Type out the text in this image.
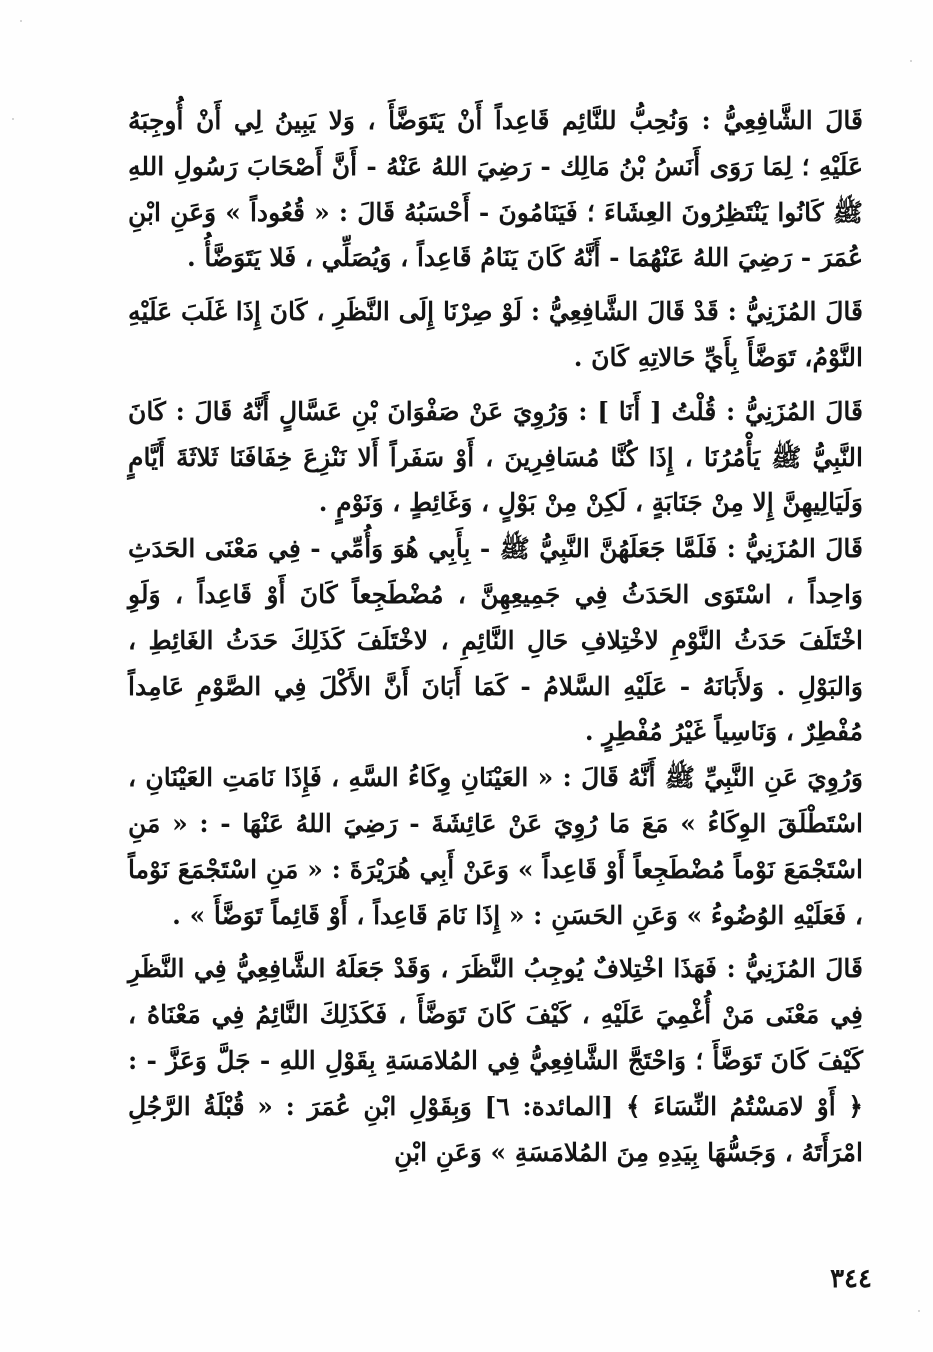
قَالَ الشَّافِعِيُّ : وَنُحِبُّ للنَّائِم قَاعِداً أَنْ يَتَوَضَّأَ ، وَلا يَبِينُ لِي أَنْ أُوجِبَهُ عَلَيْهِ ؛ لِمَا رَوَى أَنَسُ بْنُ مَالِك - رَضِيَ اللهُ عَنْهُ - أَنَّ أَصْحَابَ رَسُولِ اللهِ ﷺ كَانُوا يَنْتَظِرُونَ العِشَاءَ ؛ فَيَنَامُونَ - أَحْسَبُهُ قَالَ : « قُعُوداً » وَعَنِ ابْنِ عُمَرَ - رَضِيَ اللهُ عَنْهُمَا - أَنَّهُ كَانَ يَنَامُ قَاعِداً ، وَيُصَلِّي ، فَلا يَتَوَضَّأُ .

قَالَ المُزَنِيُّ : قَدْ قَالَ الشَّافِعِيُّ : لَوْ صِرْنَا إِلَى النَّظَرِ ، كَانَ إِذَا غَلَبَ عَلَيْهِ النَّوْمُ، تَوَضَّأَ بِأَيِّ حَالاتِهِ كَانَ .

قَالَ المُزَنِيُّ : قُلْتُ [ أَنَا ] : وَرُوِيَ عَنْ صَفْوَانَ بْنِ عَسَّالٍ أَنَّهُ قَالَ : كَانَ النَّبِيُّ ﷺ يَأْمُرُنَا ، إِذَا كُنَّا مُسَافِرِينَ ، أَوْ سَفَراً أَلا نَنْزِعَ خِفَافَنَا ثَلاثَةَ أَيَّامٍ وَلَيَالِيهِنَّ إِلا مِنْ جَنَابَةٍ ، لَكِنْ مِنْ بَوْلٍ ، وَغَائِطٍ ، وَنَوْمٍ .

قَالَ المُزَنِيُّ : فَلَمَّا جَعَلَهُنَّ النَّبِيُّ ﷺ - بِأَبِي هُوَ وَأُمِّي - فِي مَعْنَى الحَدَثِ وَاحِداً ، اسْتَوَى الحَدَثُ فِي جَمِيعِهِنَّ ، مُضْطَجِعاً كَانَ أَوْ قَاعِداً ، وَلَوِ اخْتَلَفَ حَدَثُ النَّوْمِ لاخْتِلافِ حَالِ النَّائِمِ ، لاخْتَلَفَ كَذَلِكَ حَدَثُ الغَائِطِ ، وَالبَوْلِ . وَلأَبَانَهُ - عَلَيْهِ السَّلامُ - كَمَا أَبَانَ أَنَّ الأَكْلَ فِي الصَّوْمِ عَامِداً مُفْطِرٌ ، وَنَاسِياً غَيْرُ مُفْطِرٍ .

وَرُوِيَ عَنِ النَّبِيِّ ﷺ أَنَّهُ قَالَ : « العَيْنَانِ وِكَاءُ السَّهِ ، فَإِذَا نَامَتِ العَيْنَانِ ، اسْتَطْلَقَ الوِكَاءُ » مَعَ مَا رُوِيَ عَنْ عَائِشَةَ - رَضِيَ اللهُ عَنْهَا - : « مَنِ اسْتَجْمَعَ نَوْماً مُضْطَجِعاً أَوْ قَاعِداً » وَعَنْ أَبِي هُرَيْرَةَ : « مَنِ اسْتَجْمَعَ نَوْماً ، فَعَلَيْهِ الوُضُوءُ » وَعَنِ الحَسَنِ : « إِذَا نَامَ قَاعِداً ، أَوْ قَائِماً تَوَضَّأَ » .

قَالَ المُزَنِيُّ : فَهَذَا اخْتِلافٌ يُوجِبُ النَّظَرَ ، وَقَدْ جَعَلَهُ الشَّافِعِيُّ فِي النَّظَرِ فِي مَعْنَى مَنْ أُغْمِيَ عَلَيْهِ ، كَيْفَ كَانَ تَوَضَّأَ ، فَكَذَلِكَ النَّائِمُ فِي مَعْنَاهُ ، كَيْفَ كَانَ تَوَضَّأَ ؛ وَاحْتَجَّ الشَّافِعِيُّ فِي المُلامَسَةِ بِقَوْلِ اللهِ - جَلَّ وَعَزَّ - : ﴿ أَوْ لامَسْتُمُ النِّسَاءَ ﴾ [المائدة: ٦] وَبِقَوْلِ ابْنِ عُمَرَ : « قُبْلَةُ الرَّجُلِ امْرَأَتَهُ ، وَجَسُّهَا بِيَدِهِ مِنَ المُلامَسَةِ » وَعَنِ ابْنِ

٣٤٤
